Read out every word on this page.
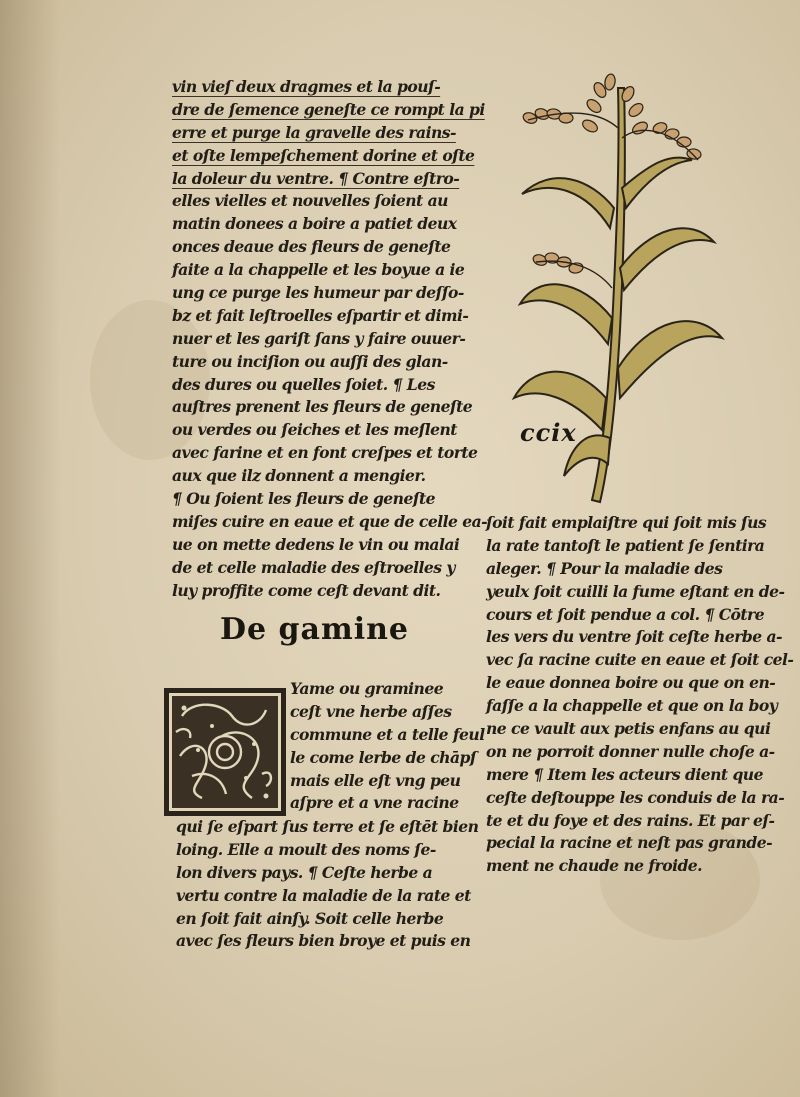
vin vieſ deux dragmes et la pouſ-
dre de ſemence geneſte ce rompt la pi
erre et purge la gravelle des rains-
et oſte lempeſchement dorine et oſte
la doleur du ventre. ¶ Contre eſtro-
elles vielles et nouvelles ſoient au
matin donees a boire a patiet deux
onces deaue des fleurs de geneſte
faite a la chappelle et les boyue a ie
ung ce purge les humeur par deſſo-
bz et fait leſtroelles eſpartir et dimi-
nuer et les gariſt ſans y faire ouuer-
ture ou inciſion ou auſſi des glan-
des dures ou quelles ſoiet. ¶ Les
auſtres prenent les fleurs de geneſte
ou verdes ou ſeiches et les meſlent
avec farine et en font creſpes et torte
aux que ilz donnent a mengier.
¶ Ou ſoient les fleurs de geneſte
miſes cuire en eaue et que de celle ea-
ue on mette dedens le vin ou malai
de et celle maladie des eſtroelles y
luy proffite come ceſt devant dit.
De gamine
Yame ou graminee
ceſt vne herbe aſſes
commune et a telle feul
le come lerbe de chāpſ
mais elle eſt vng peu
aſpre et a vne racine
qui ſe eſpart ſus terre et ſe eſtēt bien
loing. Elle a moult des noms ſe-
lon divers pays. ¶ Ceſte herbe a
vertu contre la maladie de la rate et
en ſoit fait ainſy. Soit celle herbe
avec ſes fleurs bien broye et puis en
ccix
ſoit fait emplaiſtre qui ſoit mis ſus
la rate tantoſt le patient ſe ſentira
aleger. ¶ Pour la maladie des
yeulx ſoit cuilli la fume eſtant en de-
cours et ſoit pendue a col. ¶ Cōtre
les vers du ventre ſoit ceſte herbe a-
vec ſa racine cuite en eaue et ſoit cel-
le eaue donnea boire ou que on en-
faſſe a la chappelle et que on la boy
ne ce vault aux petis enfans au qui
on ne porroit donner nulle choſe a-
mere ¶ Item les acteurs dient que
ceſte deſtouppe les conduis de la ra-
te et du foye et des rains. Et par eſ-
pecial la racine et neſt pas grande-
ment ne chaude ne froide.
